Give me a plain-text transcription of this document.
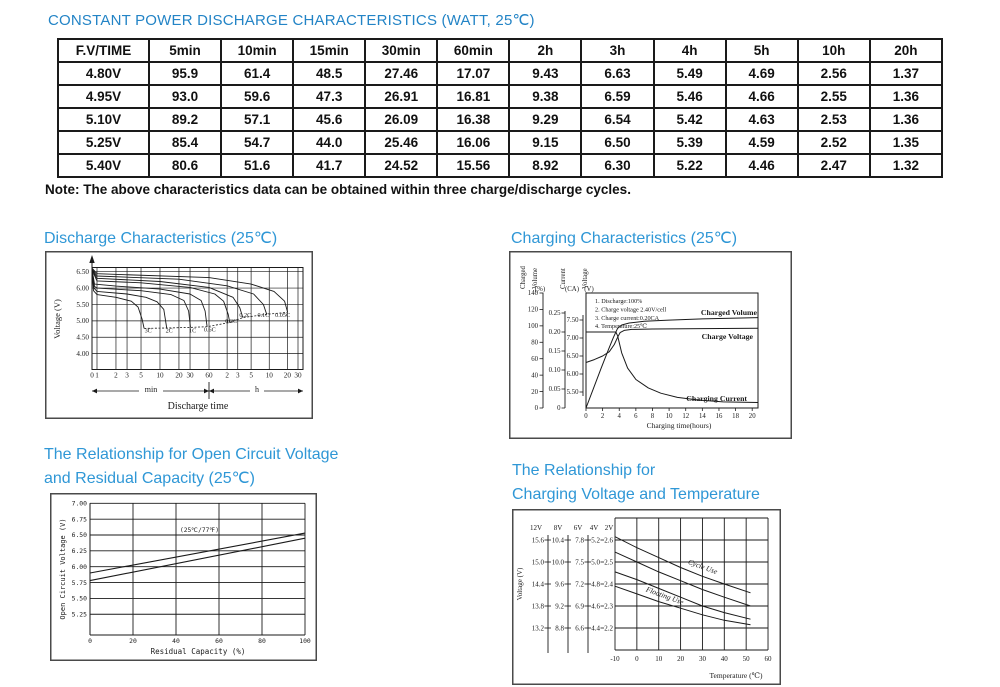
CONSTANT POWER DISCHARGE CHARACTERISTICS (WATT, 25℃)
F.V/TIME	5min	10min	15min	30min	60min	2h	3h	4h	5h	10h	20h
4.80V	95.9	61.4	48.5	27.46	17.07	9.43	6.63	5.49	4.69	2.56	1.37
4.95V	93.0	59.6	47.3	26.91	16.81	9.38	6.59	5.46	4.66	2.55	1.36
5.10V	89.2	57.1	45.6	26.09	16.38	9.29	6.54	5.42	4.63	2.53	1.36
5.25V	85.4	54.7	44.0	25.46	16.06	9.15	6.50	5.39	4.59	2.52	1.35
5.40V	80.6	51.6	41.7	24.52	15.56	8.92	6.30	5.22	4.46	2.47	1.32
Note: The above characteristics data can be obtained within three charge/discharge cycles.
Discharge Characteristics (25℃)
6.50
6.00
5.50
5.00
4.50
4.00
0 1 2 3 5 10 20 30 60 2 3 5 10 20 30
Voltage (V)	3C 2C	1C 0.6C
0.3C
0.2C 0.1C 0.05C
min	h
Discharge time
Charging Characteristics (25℃)
Charged Volume	Current Voltage
(%)	(CA) (V)
0
20
40
60
80
100
120
140
0
0.05
0.10
0.15
0.20
0.25
5.50
6.00
6.50
7.00
7.50
0 2 4 6 8 10 12 14 16 18 20
Charging time(hours)
1. Discharge:100%
2. Charge voltage 2.40V/cell
3. Charge current:0.20CA
4. Temperature:25℃
Charged Volume
Charge Voltage
Charging Current
The Relationship for Open Circuit Voltage
and Residual Capacity (25℃)
0	20	40	60	80	100
7.00
6.75
6.50
6.25
6.00
5.75
5.50
5.25
Open Circuit Voltage (V)
Residual Capacity (%)
(25℃/77℉)
The Relationship for
Charging Voltage and Temperature
-10 0 10 20 30 40 50 60
12V 8V 6V 4V 2V
15.6 10.4 7.8 5.2 2.6
15.0 10.0 7.5 5.0 2.5
14.4 9.6 7.2 4.8 2.4
13.8 9.2 6.9 4.6 2.3
13.2 8.8 6.6 4.4 2.2
Voltage (V)
Temperature (℃)
Cycle Use
Floating Use
